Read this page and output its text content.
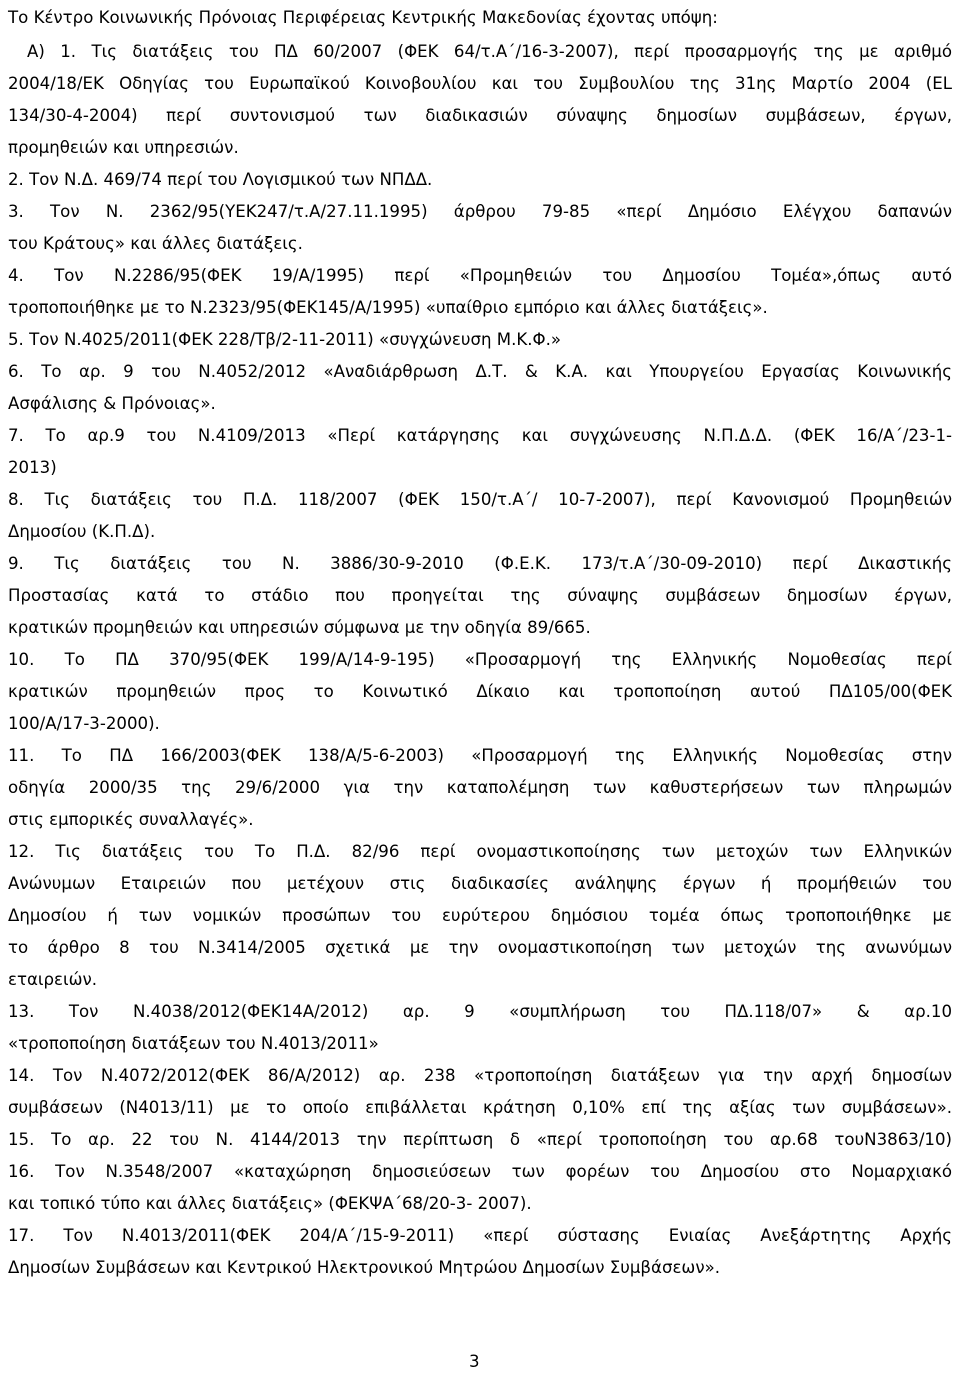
Το Κέντρο Κοινωνικής Πρόνοιας Περιφέρειας Κεντρικής Μακεδονίας έχοντας υπόψη:
Α) 1. Τις διατάξεις του ΠΔ 60/2007 (ΦΕΚ 64/τ.Α΄/16-3-2007), περί προσαρμογής της με αριθμό
2004/18/ΕΚ Οδηγίας του Ευρωπαϊκού Κοινοβουλίου και του Συμβουλίου της 31ης Μαρτίο 2004 (EL
134/30-4-2004) περί συντονισμού των διαδικασιών σύναψης δημοσίων συμβάσεων, έργων,
προμηθειών και υπηρεσιών.
2. Τον Ν.Δ. 469/74 περί του Λογισμικού των ΝΠΔΔ.
3. Τον Ν. 2362/95(ΥΕΚ247/τ.Α/27.11.1995) άρθρου 79-85 «περί Δημόσιο Ελέγχου δαπανών
του Κράτους» και άλλες διατάξεις.
4. Τον Ν.2286/95(ΦΕΚ 19/Α/1995) περί «Προμηθειών του Δημοσίου Τομέα»,όπως αυτό
τροποποιήθηκε με το Ν.2323/95(ΦΕΚ145/Α/1995) «υπαίθριο εμπόριο και άλλες διατάξεις».
5. Τον Ν.4025/2011(ΦΕΚ 228/Τβ/2-11-2011) «συγχώνευση Μ.Κ.Φ.»
6. Το αρ. 9 του Ν.4052/2012 «Αναδιάρθρωση Δ.Τ. & Κ.Α. και Υπουργείου Εργασίας Κοινωνικής
Ασφάλισης & Πρόνοιας».
7. Το αρ.9 του Ν.4109/2013 «Περί κατάργησης και συγχώνευσης Ν.Π.Δ.Δ. (ΦΕΚ 16/Α΄/23-1-
2013)
8. Τις διατάξεις του Π.Δ. 118/2007 (ΦΕΚ 150/τ.Α΄/ 10-7-2007), περί Κανονισμού Προμηθειών
Δημοσίου (Κ.Π.Δ).
9. Τις διατάξεις του Ν. 3886/30-9-2010 (Φ.Ε.Κ. 173/τ.Α΄/30-09-2010) περί Δικαστικής
Προστασίας κατά το στάδιο που προηγείται της σύναψης συμβάσεων δημοσίων έργων,
κρατικών προμηθειών και υπηρεσιών σύμφωνα με την οδηγία 89/665.
10. Το ΠΔ 370/95(ΦΕΚ 199/Α/14-9-195) «Προσαρμογή της Ελληνικής Νομοθεσίας περί
κρατικών προμηθειών προς το Κοινωτικό Δίκαιο και τροποποίηση αυτού ΠΔ105/00(ΦΕΚ
100/Α/17-3-2000).
11. Το ΠΔ 166/2003(ΦΕΚ 138/Α/5-6-2003) «Προσαρμογή της Ελληνικής Νομοθεσίας στην
οδηγία 2000/35 της 29/6/2000 για την καταπολέμηση των καθυστερήσεων των πληρωμών
στις εμπορικές συναλλαγές».
12. Τις διατάξεις του Το Π.Δ. 82/96 περί ονομαστικοποίησης των μετοχών των Ελληνικών
Ανώνυμων Εταιρειών που μετέχουν στις διαδικασίες ανάληψης έργων ή προμήθειών του
Δημοσίου ή των νομικών προσώπων του ευρύτερου δημόσιου τομέα όπως τροποποιήθηκε με
το άρθρο 8 του Ν.3414/2005 σχετικά με την ονομαστικοποίηση των μετοχών της ανωνύμων
εταιρειών.
13. Τον Ν.4038/2012(ΦΕΚ14Α/2012) αρ. 9 «συμπλήρωση του ΠΔ.118/07» & αρ.10
«τροποποίηση διατάξεων του Ν.4013/2011»
14. Τον Ν.4072/2012(ΦΕΚ 86/Α/2012) αρ. 238 «τροποποίηση διατάξεων για την αρχή δημοσίων
συμβάσεων (Ν4013/11) με το οποίο επιβάλλεται κράτηση 0,10% επί της αξίας των συμβάσεων».
15. Το αρ. 22 του Ν. 4144/2013 την περίπτωση δ «περί τροποποίηση του αρ.68 τουΝ3863/10)
16. Τον Ν.3548/2007 «καταχώρηση δημοσιεύσεων των φορέων του Δημοσίου στο Νομαρχιακό
και τοπικό τύπο και άλλες διατάξεις» (ΦΕΚΨΑ΄68/20-3- 2007).
17. Τον Ν.4013/2011(ΦΕΚ 204/Α΄/15-9-2011) «περί σύστασης Ενιαίας Ανεξάρτητης Αρχής
Δημοσίων Συμβάσεων και Κεντρικού Ηλεκτρονικού Μητρώου Δημοσίων Συμβάσεων».
3
